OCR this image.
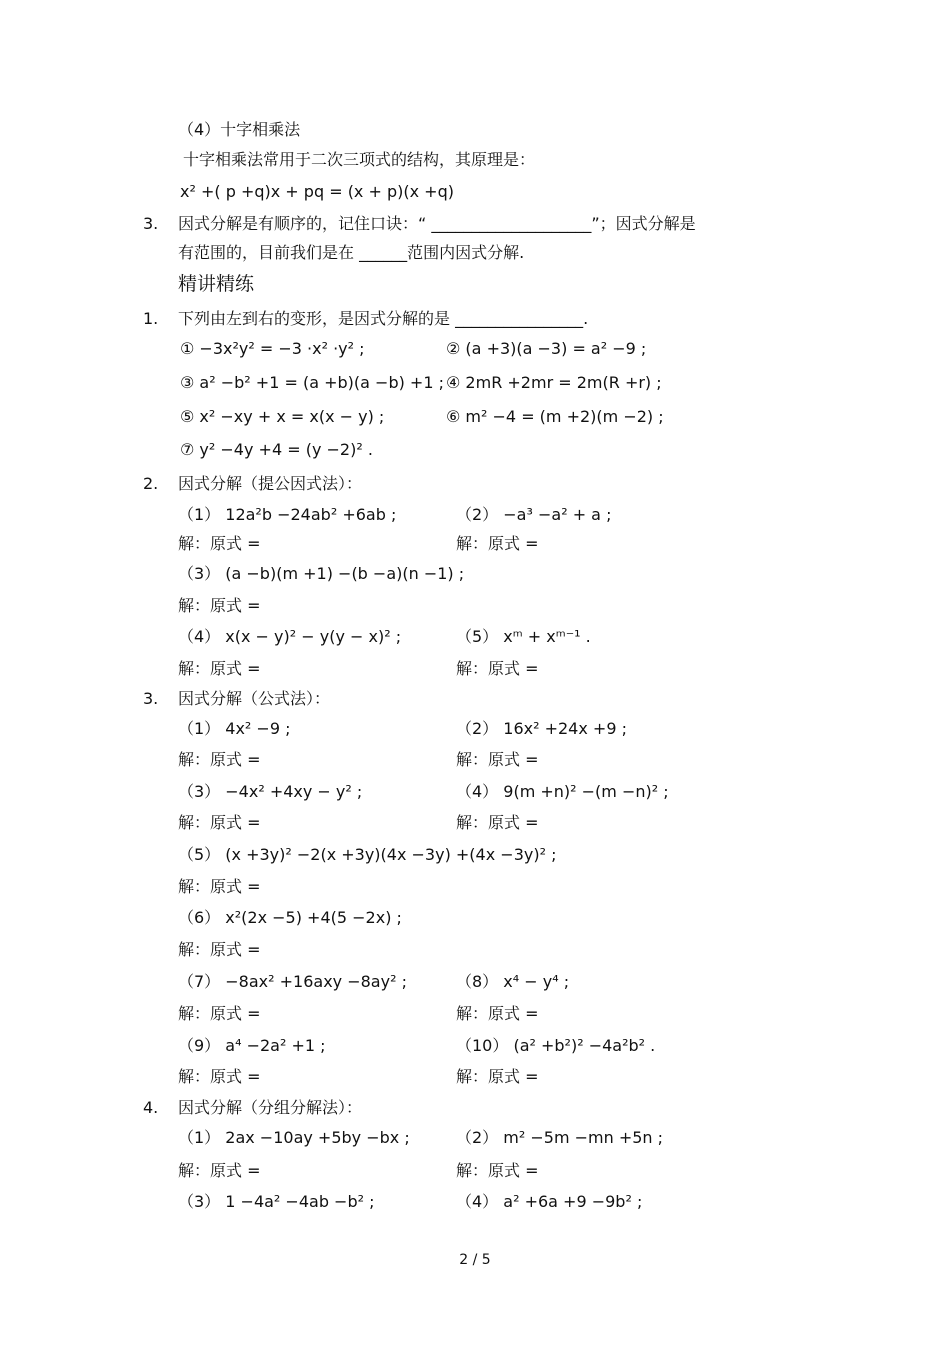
（4）十字相乘法
十字相乘法常用于二次三项式的结构，其原理是：
x² +( p +q)x + pq = (x + p)(x +q)
3. 因式分解是有顺序的，记住口诀：“ ____________________”；因式分解是
有范围的，目前我们是在 ______范围内因式分解.
精讲精练
1. 下列由左到右的变形，是因式分解的是 ________________.
① −3x²y² = −3 ·x² ·y² ;	② (a +3)(a −3) = a² −9 ;
③ a² −b² +1 = (a +b)(a −b) +1 ; ④ 2mR +2mr = 2m(R +r) ;
⑤ x² −xy + x = x(x − y) ;	⑥ m² −4 = (m +2)(m −2) ;
⑦ y² −4y +4 = (y −2)² .
2. 因式分解（提公因式法）：
（1） 12a²b −24ab² +6ab ;	（2） −a³ −a² + a ;
解：原式 =	解：原式 =
（3） (a −b)(m +1) −(b −a)(n −1) ;
解：原式 =
（4） x(x − y)² − y(y − x)² ;	（5） xᵐ + xᵐ⁻¹ .
解：原式 =	解：原式 =
3. 因式分解（公式法）：
（1） 4x² −9 ;	（2） 16x² +24x +9 ;
解：原式 =	解：原式 =
（3） −4x² +4xy − y² ;	（4） 9(m +n)² −(m −n)² ;
解：原式 =	解：原式 =
（5） (x +3y)² −2(x +3y)(4x −3y) +(4x −3y)² ;
解：原式 =
（6） x²(2x −5) +4(5 −2x) ;
解：原式 =
（7） −8ax² +16axy −8ay² ;	（8） x⁴ − y⁴ ;
解：原式 =	解：原式 =
（9） a⁴ −2a² +1 ;	（10） (a² +b²)² −4a²b² .
解：原式 =	解：原式 =
4. 因式分解（分组分解法）：
（1） 2ax −10ay +5by −bx ;	（2） m² −5m −mn +5n ;
解：原式 =	解：原式 =
（3） 1 −4a² −4ab −b² ;	（4） a² +6a +9 −9b² ;
2 / 5
